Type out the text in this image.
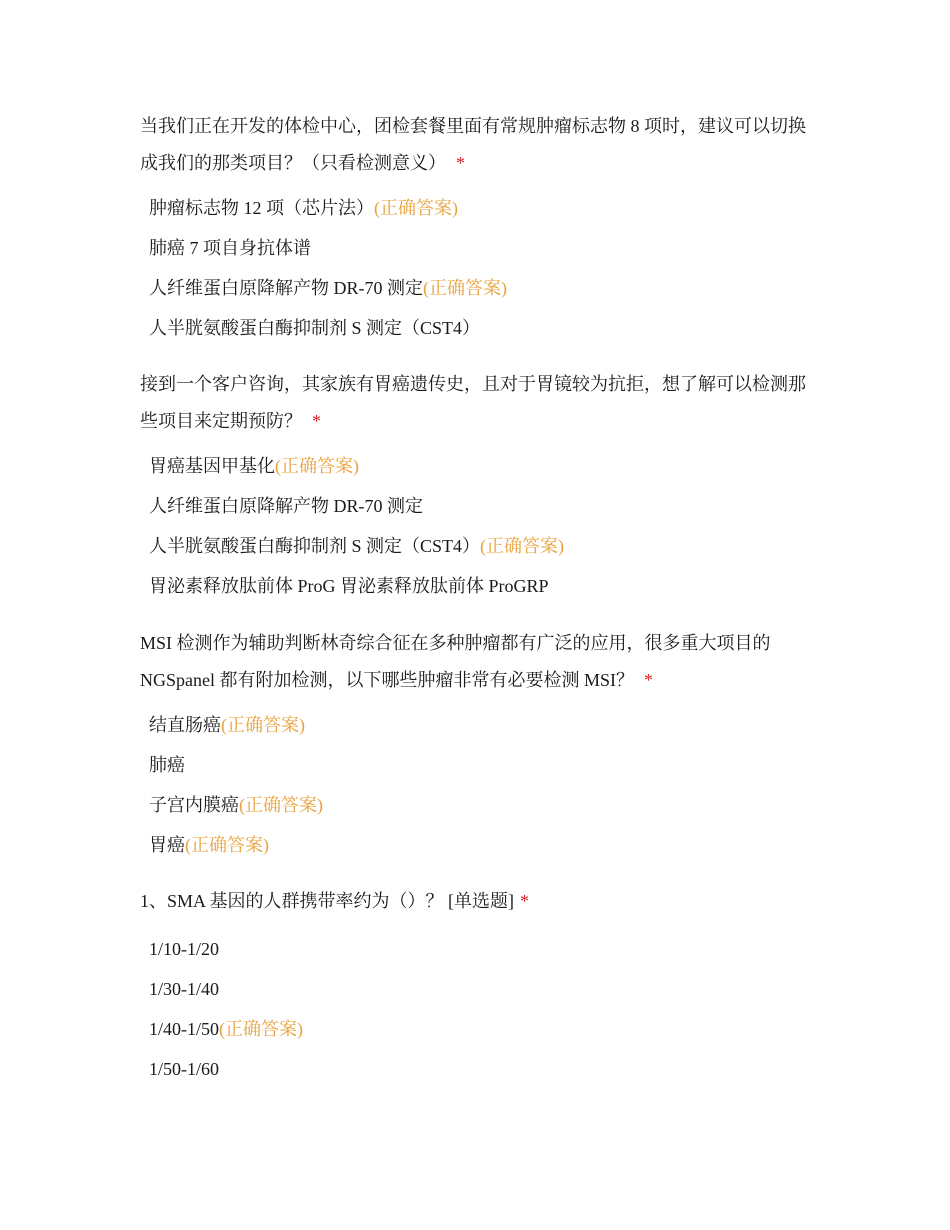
当我们正在开发的体检中心，团检套餐里面有常规肿瘤标志物 8 项时，建议可以切换成我们的那类项目？（只看检测意义） *

肿瘤标志物 12 项（芯片法）(正确答案)
肺癌 7 项自身抗体谱
人纤维蛋白原降解产物 DR-70 测定(正确答案)
人半胱氨酸蛋白酶抑制剂 S 测定（CST4）

接到一个客户咨询，其家族有胃癌遗传史，且对于胃镜较为抗拒，想了解可以检测那些项目来定期预防？ *

胃癌基因甲基化(正确答案)
人纤维蛋白原降解产物 DR-70 测定
人半胱氨酸蛋白酶抑制剂 S 测定（CST4）(正确答案)
胃泌素释放肽前体 ProG 胃泌素释放肽前体 ProGRP

MSI 检测作为辅助判断林奇综合征在多种肿瘤都有广泛的应用，很多重大项目的 NGSpanel 都有附加检测，以下哪些肿瘤非常有必要检测 MSI？ *

结直肠癌(正确答案)
肺癌
子宫内膜癌(正确答案)
胃癌(正确答案)

1、SMA 基因的人群携带率约为（）？ [单选题] *

1/10-1/20
1/30-1/40
1/40-1/50(正确答案)
1/50-1/60
